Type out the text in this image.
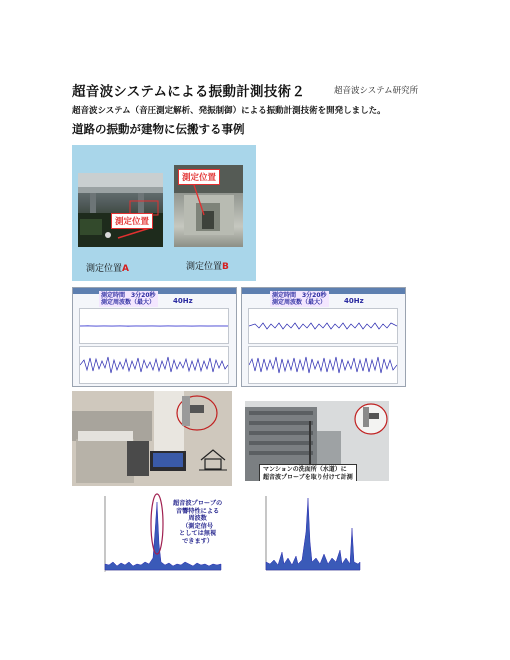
超音波システムによる振動計測技術２	超音波システム研究所
超音波システム（音圧測定解析、発振制御）による振動計測技術を開発しました。
道路の振動が建物に伝搬する事例
測定位置
測定位置
測定位置A	測定位置B
測定時間　3分20秒
測定周波数（最大）	40Hz
測定時間　3分20秒
測定周波数（最大）	40Hz
マンションの洗面所（水道）に
超音波プローブを取り付けて計測
超音波プローブの
音響特性による
周波数
（測定信号
としては無視
できます）
